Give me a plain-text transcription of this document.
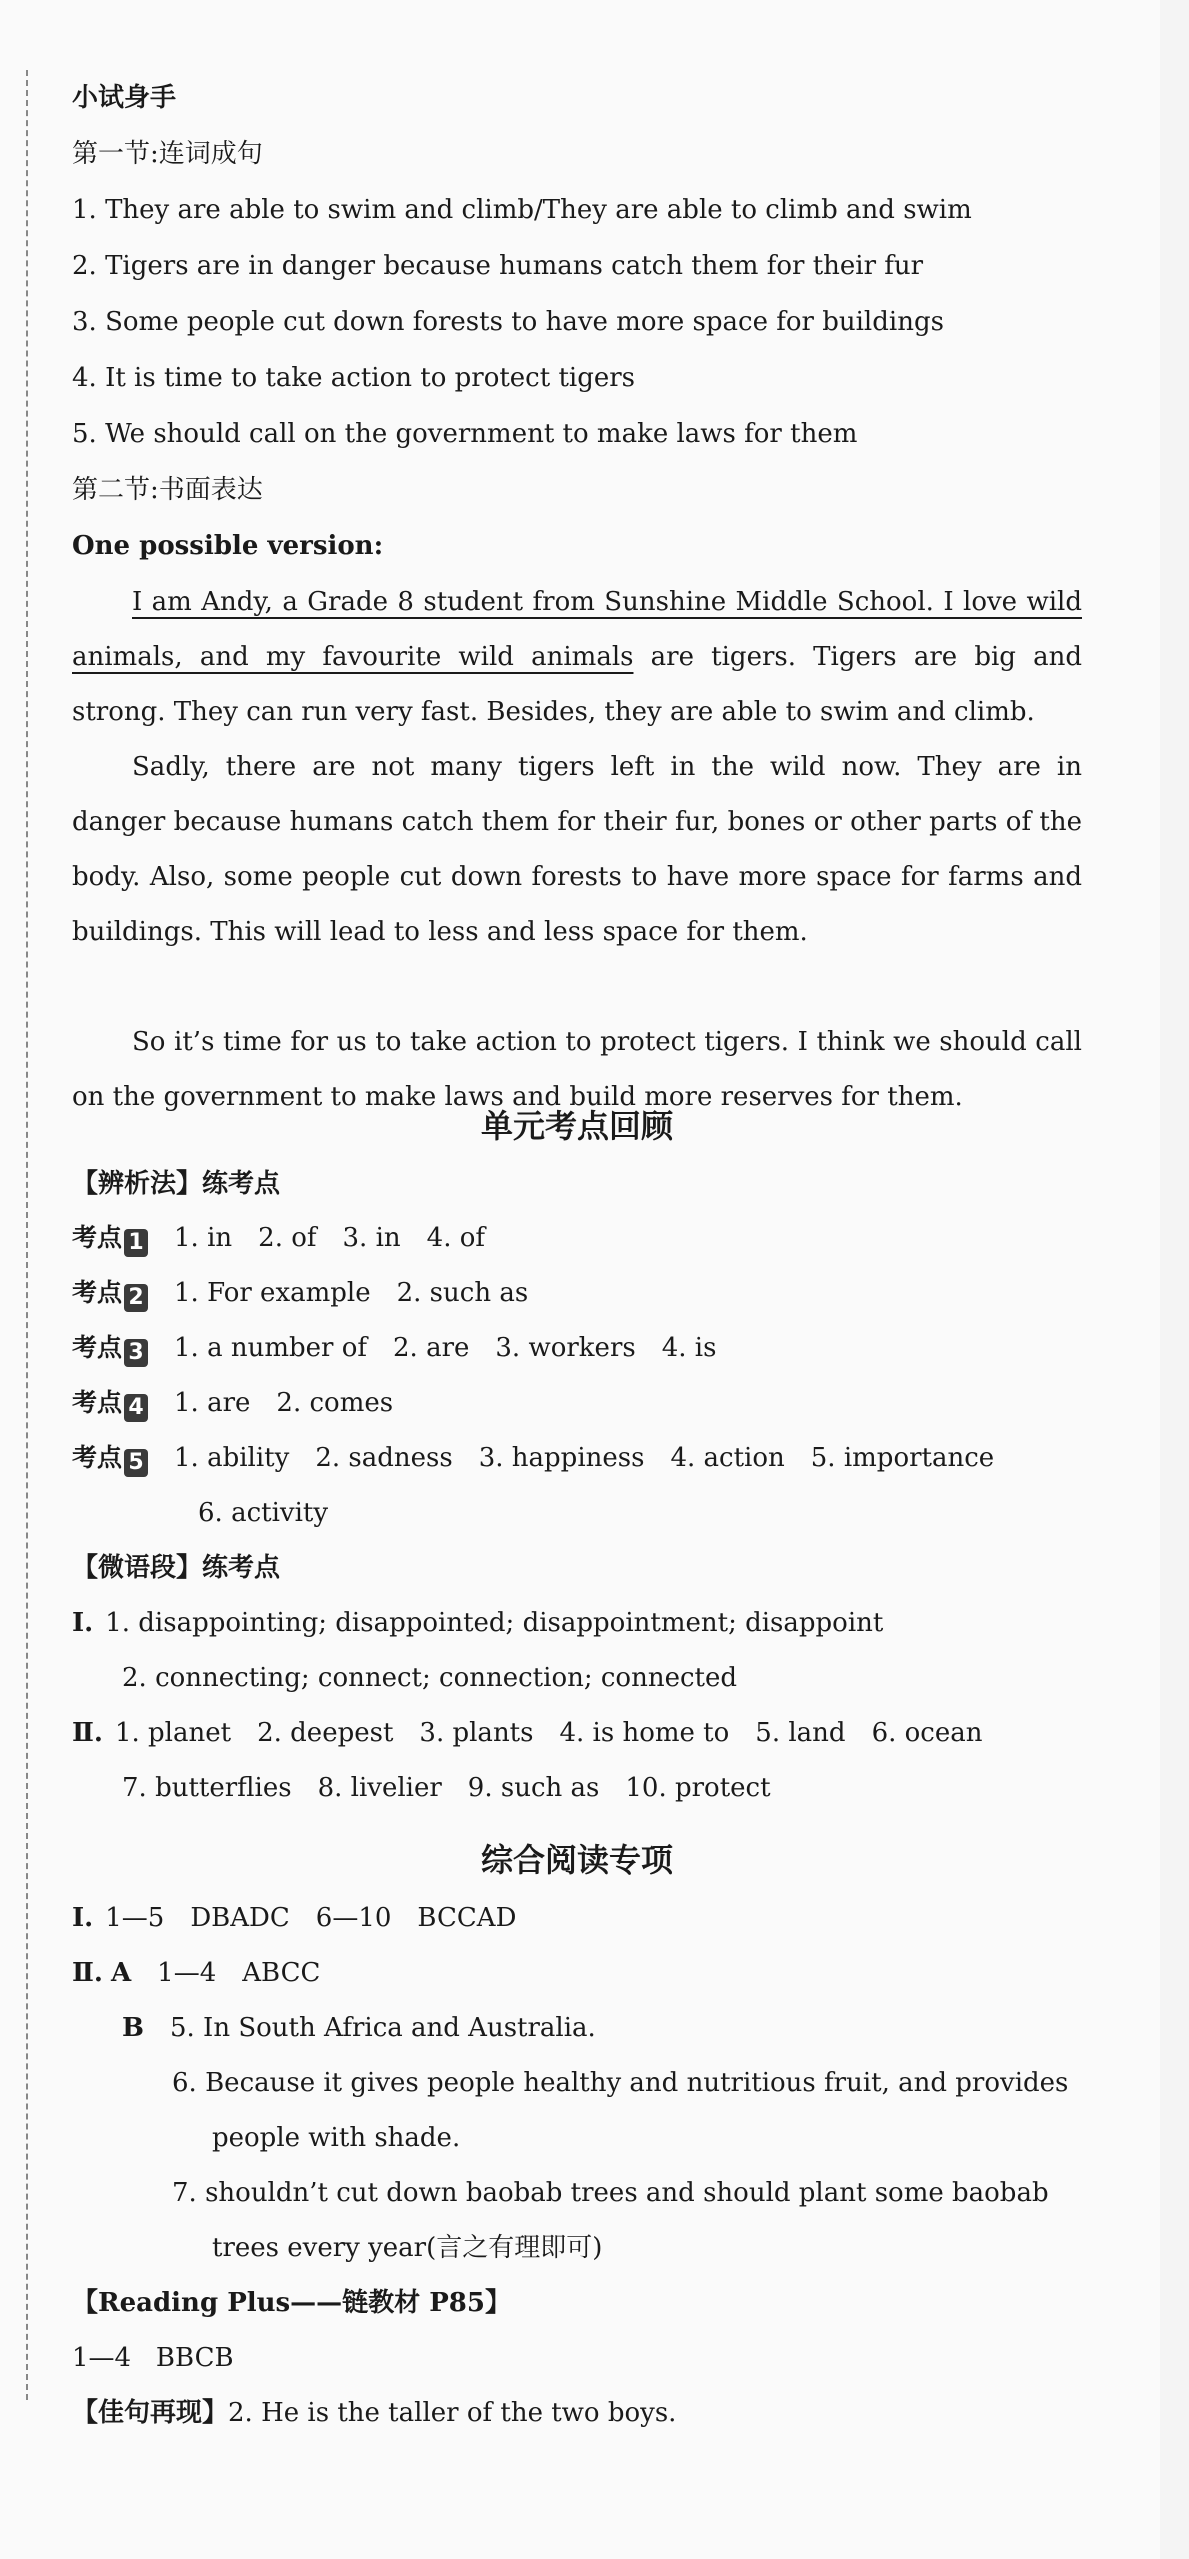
小试身手
第一节:连词成句
1. They are able to swim and climb/They are able to climb and swim
2. Tigers are in danger because humans catch them for their fur
3. Some people cut down forests to have more space for buildings
4. It is time to take action to protect tigers
5. We should call on the government to make laws for them
第二节:书面表达
One possible version:
I am Andy, a Grade 8 student from Sunshine Middle School. I love wild animals, and my favourite wild animals are tigers. Tigers are big and strong. They can run very fast. Besides, they are able to swim and climb.
Sadly, there are not many tigers left in the wild now. They are in danger because humans catch them for their fur, bones or other parts of the body. Also, some people cut down forests to have more space for farms and buildings. This will lead to less and less space for them.
So it’s time for us to take action to protect tigers. I think we should call on the government to make laws and build more reserves for them.
单元考点回顾
【辨析法】练考点
考点 1 1. in 2. of 3. in 4. of
考点 2 1. For example 2. such as
考点 3 1. a number of 2. are 3. workers 4. is
考点 4 1. are 2. comes
考点 5 1. ability 2. sadness 3. happiness 4. action 5. importance
6. activity
【微语段】练考点
Ⅰ. 1. disappointing; disappointed; disappointment; disappoint
2. connecting; connect; connection; connected
Ⅱ. 1. planet 2. deepest 3. plants 4. is home to 5. land 6. ocean
7. butterflies 8. livelier 9. such as 10. protect
综合阅读专项
Ⅰ. 1—5 DBADC 6—10 BCCAD
Ⅱ. A 1—4 ABCC
B 5. In South Africa and Australia.
6. Because it gives people healthy and nutritious fruit, and provides
people with shade.
7. shouldn’t cut down baobab trees and should plant some baobab
trees every year(言之有理即可)
【Reading Plus——链教材 P85】
1—4   BBCB
【佳句再现】2. He is the taller of the two boys.
